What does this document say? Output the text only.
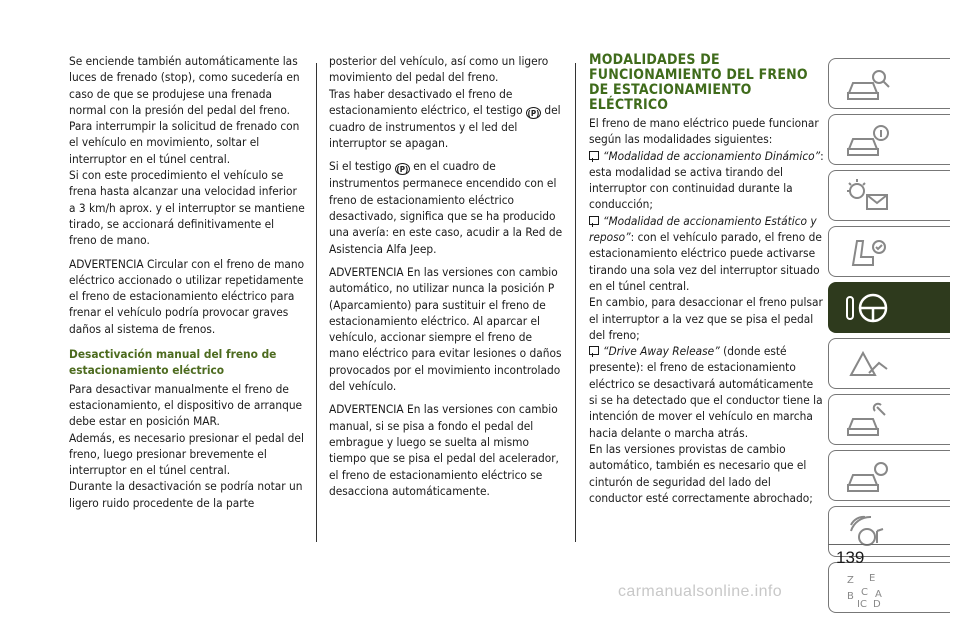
Se enciende también automáticamente las luces de frenado (stop), como sucedería en caso de que se produjese una frenada normal con la presión del pedal del freno.

Para interrumpir la solicitud de frenado con el vehículo en movimiento, soltar el interruptor en el túnel central.

Si con este procedimiento el vehículo se frena hasta alcanzar una velocidad inferior a 3 km/h aprox. y el interruptor se mantiene tirado, se accionará definitivamente el freno de mano.

ADVERTENCIA Circular con el freno de mano eléctrico accionado o utilizar repetidamente el freno de estacionamiento eléctrico para frenar el vehículo podría provocar graves daños al sistema de frenos.

Desactivación manual del freno de estacionamiento eléctrico

Para desactivar manualmente el freno de estacionamiento, el dispositivo de arranque debe estar en posición MAR.

Además, es necesario presionar el pedal del freno, luego presionar brevemente el interruptor en el túnel central.

Durante la desactivación se podría notar un ligero ruido procedente de la parte

posterior del vehículo, así como un ligero movimiento del pedal del freno.

Tras haber desactivado el freno de estacionamiento eléctrico, el testigo (P) del cuadro de instrumentos y el led del interruptor se apagan.

Si el testigo (P) en el cuadro de instrumentos permanece encendido con el freno de estacionamiento eléctrico desactivado, significa que se ha producido una avería: en este caso, acudir a la Red de Asistencia Alfa Jeep.

ADVERTENCIA En las versiones con cambio automático, no utilizar nunca la posición P (Aparcamiento) para sustituir el freno de estacionamiento eléctrico. Al aparcar el vehículo, accionar siempre el freno de mano eléctrico para evitar lesiones o daños provocados por el movimiento incontrolado del vehículo.

ADVERTENCIA En las versiones con cambio manual, si se pisa a fondo el pedal del embrague y luego se suelta al mismo tiempo que se pisa el pedal del acelerador, el freno de estacionamiento eléctrico se desacciona automáticamente.

MODALIDADES DE FUNCIONAMIENTO DEL FRENO DE ESTACIONAMIENTO ELÉCTRICO

El freno de mano eléctrico puede funcionar según las modalidades siguientes:

“Modalidad de accionamiento Dinámico”: esta modalidad se activa tirando del interruptor con continuidad durante la conducción;

“Modalidad de accionamiento Estático y reposo”: con el vehículo parado, el freno de estacionamiento eléctrico puede activarse tirando una sola vez del interruptor situado en el túnel central.

En cambio, para desaccionar el freno pulsar el interruptor a la vez que se pisa el pedal del freno;

“Drive Away Release” (donde esté presente): el freno de estacionamiento eléctrico se desactivará automáticamente si se ha detectado que el conductor tiene la intención de mover el vehículo en marcha hacia delante o marcha atrás.

En las versiones provistas de cambio automático, también es necesario que el cinturón de seguridad del lado del conductor esté correctamente abrochado;

Z E
B C A
IC D
139
carmanualsonline.info
